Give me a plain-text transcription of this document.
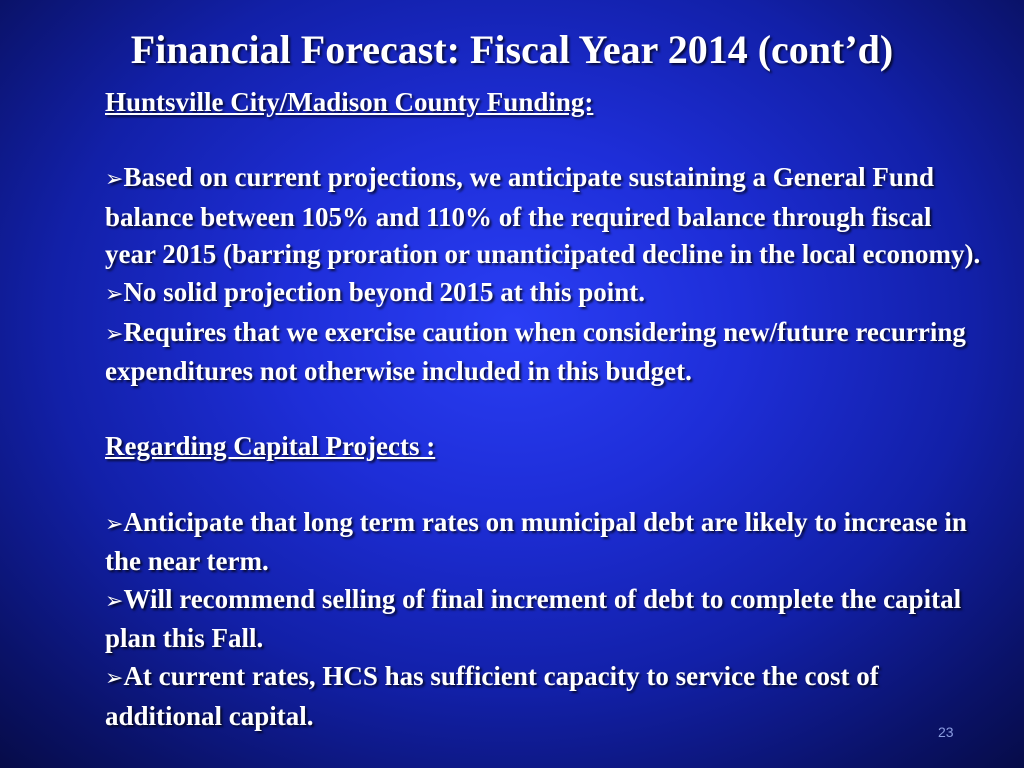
Financial Forecast: Fiscal Year 2014 (cont’d)
Huntsville City/Madison County Funding:
➢Based on current projections, we anticipate sustaining a General Fund balance between 105% and 110% of the required balance through fiscal year 2015 (barring proration or unanticipated decline in the local economy).
➢No solid projection beyond 2015 at this point.
➢Requires that we exercise caution when considering new/future recurring expenditures not otherwise included in this budget.
Regarding Capital Projects :
➢Anticipate that long term rates on municipal debt are likely to increase in the near term.
➢Will recommend selling of final increment of debt to complete the capital plan this Fall.
➢At current rates, HCS has sufficient capacity to service the cost of additional capital.
23
